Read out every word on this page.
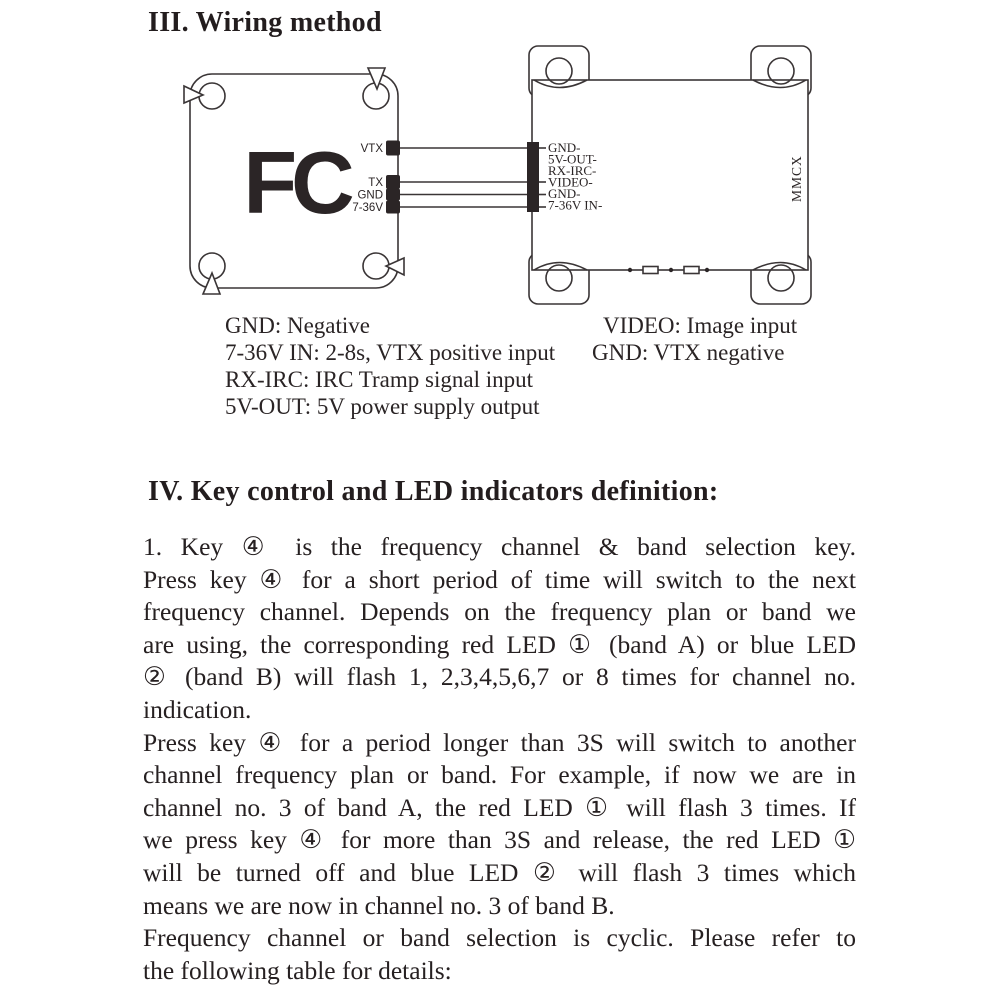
III. Wiring method
FC	VTX
TX
GND
7-36V
GND-
5V-OUT-
RX-IRC-
VIDEO-
GND-
7-36V IN-
MMCX
GND: Negative
7-36V IN: 2-8s, VTX positive input
RX-IRC: IRC Tramp signal input
5V-OUT: 5V power supply output
VIDEO: Image input
GND: VTX negative
IV. Key control and LED indicators definition:
1. Key ④ is the frequency channel & band selection key.
Press key ④ for a short period of time will switch to the next
frequency channel. Depends on the frequency plan or band we
are using, the corresponding red LED ① (band A) or blue LED
② (band B) will flash 1, 2,3,4,5,6,7 or 8 times for channel no.
indication.
Press key ④ for a period longer than 3S will switch to another
channel frequency plan or band. For example, if now we are in
channel no. 3 of band A, the red LED ① will flash 3 times. If
we press key ④ for more than 3S and release, the red LED ①
will be turned off and blue LED ② will flash 3 times which
means we are now in channel no. 3 of band B.
Frequency channel or band selection is cyclic. Please refer to
the following table for details:
